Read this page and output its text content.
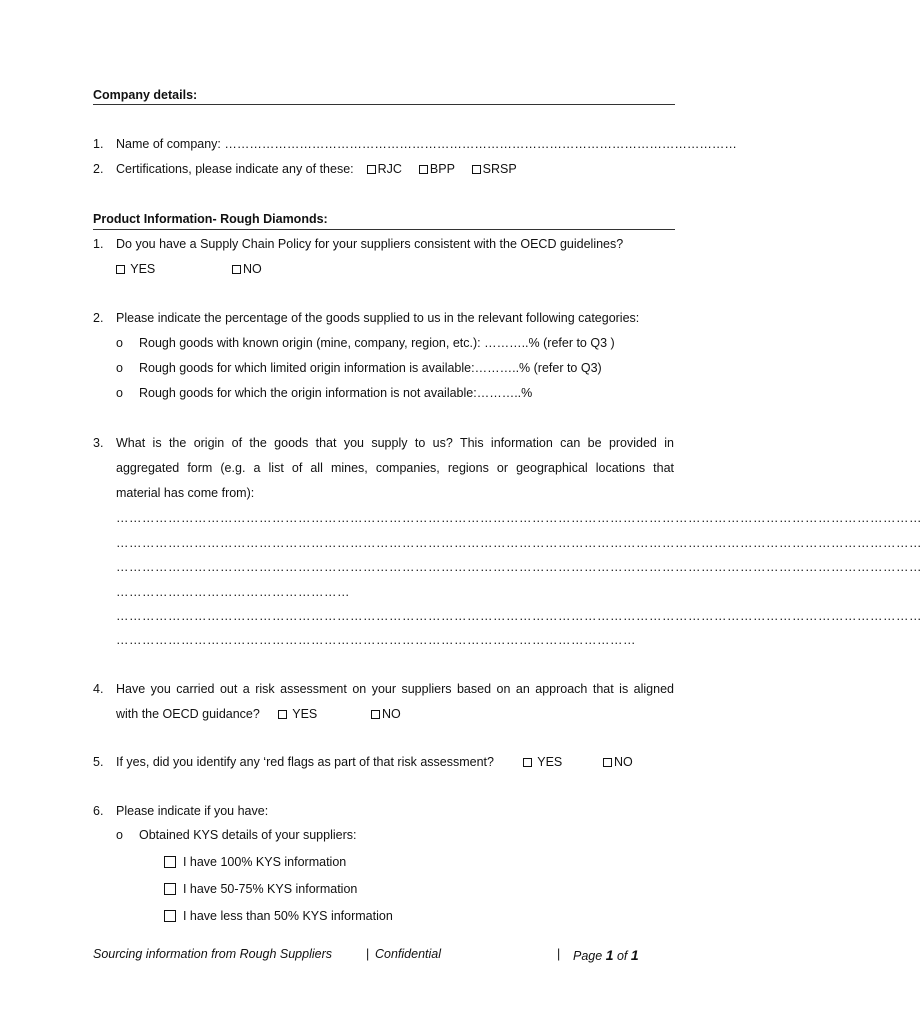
Company details:
1. Name of company: ……………………………………………………………………………………………………………
2. Certifications, please indicate any of these: RJC BPP SRSP
Product Information- Rough Diamonds:
1. Do you have a Supply Chain Policy for your suppliers consistent with the OECD guidelines?
YES	NO
2. Please indicate the percentage of the goods supplied to us in the relevant following categories:
o Rough goods with known origin (mine, company, region, etc.): ………..% (refer to Q3 )
o Rough goods for which limited origin information is available:………..% (refer to Q3)
o Rough goods for which the origin information is not available:………..%
3. What is the origin of the goods that you supply to us? This information can be provided in
aggregated form (e.g. a list of all mines, companies, regions or geographical locations that
material has come from):
……………………………………………………………………………………………………………………………………………………………………
……………………………………………………………………………………………………………………………………………………………………
……………………………………………………………………………………………………………………………………………………………………
………………………………………………
……………………………………………………………………………………………………………………………………………………………………
…………………………………………………………………………………………………………
4. Have you carried out a risk assessment on your suppliers based on an approach that is aligned
with the OECD guidance?	YES	NO
5. If yes, did you identify any ‘red flags as part of that risk assessment?	YES	NO
6. Please indicate if you have:
o Obtained KYS details of your suppliers:
I have 100% KYS information
I have 50-75% KYS information
I have less than 50% KYS information
Sourcing information from Rough Suppliers	| Confidential	| Page 1 of 1
